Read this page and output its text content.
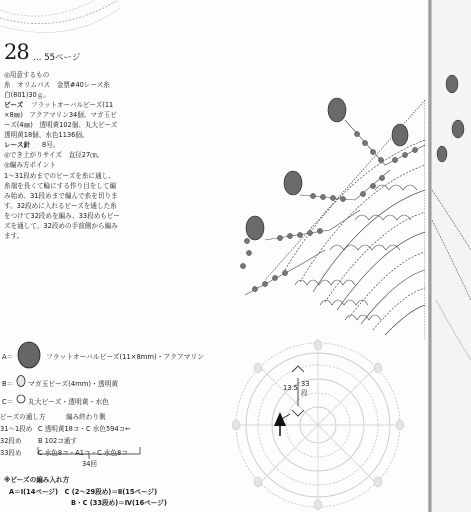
28 … 55ページ
◎用意するもの
糸　オリムパス　金票#40レース糸
白(801)30ｇ。
ビーズ フラットオーバルビーズ(11
×8㎜)　アクアマリン34個、マガ玉ビ
ーズ(4㎜)　透明黄102個、丸大ビーズ
透明黄18個、水色1136個。
レース針 8号。
◎でき上がりサイズ　直径27㎝。
◎編み方ポイント
1～31段めまでのビーズを糸に通し、
糸端を長くて輪にする作り目をして編
み始め、31段めまで編んで糸を切りま
す。32段めに入れるビーズを通した糸
をつけて32段めを編み、33段めもビー
ズを通して、32段めの手前側から編み
ます。
A＝	フラットオーバルビーズ(11×8mm)・アクアマリン
B＝ マガ玉ビーズ(4mm)・透明黄
C＝ 丸大ビーズ・透明黄・水色
ビーズの通し方	編み終わり側
31～1段め C 透明黄18コ・C 水色594コ←
32段め B 102コ通す
33段め C 水色8コ・A1コ・C 水色8コ
34回
※ビーズの編み入れ方
A＝Ⅰ(14ページ)　C (2～29段め)＝Ⅱ(15ページ)
B・C (33段め)＝Ⅳ(16ページ)
13.5 33
段
